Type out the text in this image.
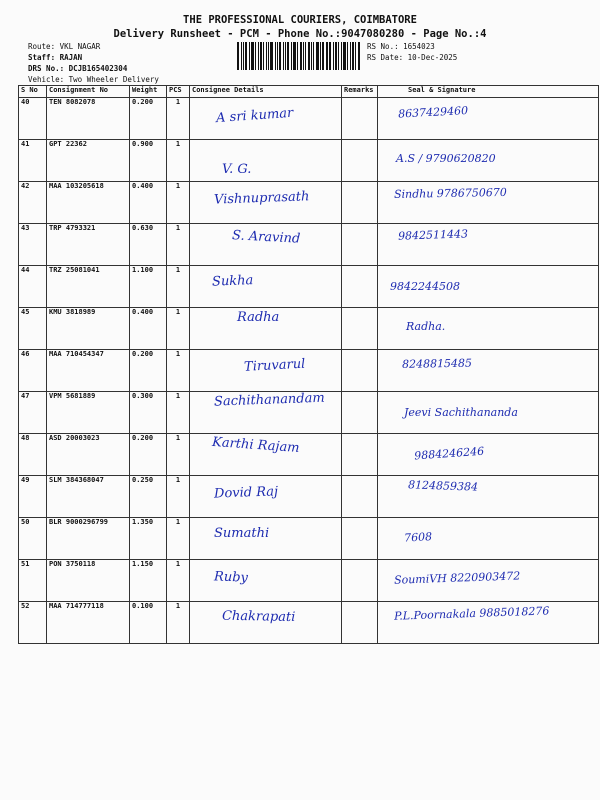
THE PROFESSIONAL COURIERS, COIMBATORE
Delivery Runsheet - PCM - Phone No.:9047080280 - Page No.:4
Route: VKL NAGAR
Staff: RAJAN
DRS No.: DCJB165402304
Vehicle: Two Wheeler Delivery
RS No.: 1654023
RS Date: 10-Dec-2025
S No	Consignment No	Weight	PCS	Consignee Details	Remarks	Seal & Signature
40	TEN 8082078	0.200	1	A sri kumar		8637429460

41	GPT 22362	0.900	1	V. G.		A.S / 9790620820

42	MAA 103205618	0.400	1	Vishnuprasath		Sindhu 9786750670

43	TRP 4793321	0.630	1	S. Aravind		9842511443

44	TRZ 25081041	1.100	1	Sukha		9842244508

45	KMU 3818989	0.400	1	Radha		Radha.

46	MAA 710454347	0.200	1	Tiruvarul		8248815485

47	VPM 5681889	0.300	1	Sachithanandam		Jeevi Sachithananda

48	ASD 20003023	0.200	1	Karthi Rajam		9884246246

49	SLM 384368047	0.250	1	Dovid Raj		8124859384

50	BLR 9000296799	1.350	1	Sumathi		7608

51	PON 3750118	1.150	1	Ruby		SoumiVH 8220903472

52	MAA 714777118	0.100	1	Chakrapati		P.L.Poornakala 9885018276
